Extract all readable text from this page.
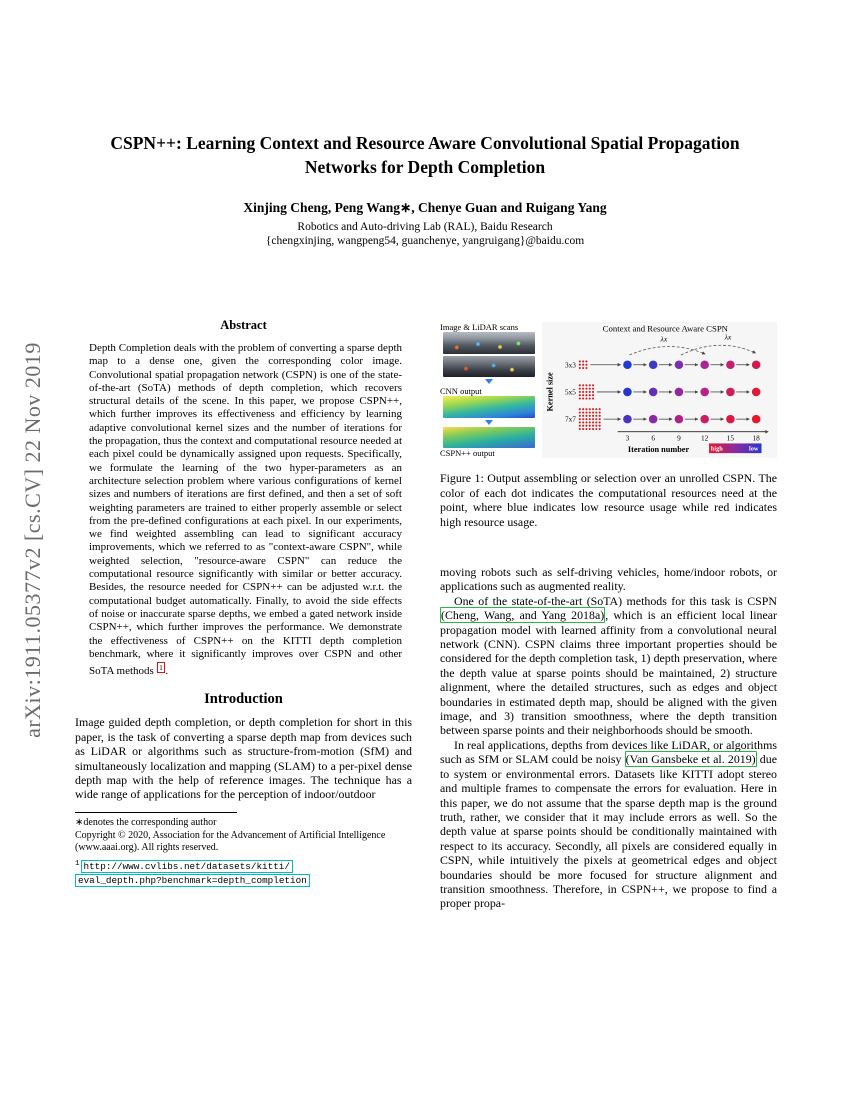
arXiv:1911.05377v2 [cs.CV] 22 Nov 2019
CSPN++: Learning Context and Resource Aware Convolutional Spatial Propagation Networks for Depth Completion
Xinjing Cheng, Peng Wang∗, Chenye Guan and Ruigang Yang
Robotics and Auto-driving Lab (RAL), Baidu Research
{chengxinjing, wangpeng54, guanchenye, yangruigang}@baidu.com
Abstract

Depth Completion deals with the problem of converting a sparse depth map to a dense one, given the corresponding color image. Convolutional spatial propagation network (CSPN) is one of the state-of-the-art (SoTA) methods of depth completion, which recovers structural details of the scene. In this paper, we propose CSPN++, which further improves its effectiveness and efficiency by learning adaptive convolutional kernel sizes and the number of iterations for the propagation, thus the context and computational resource needed at each pixel could be dynamically assigned upon requests. Specifically, we formulate the learning of the two hyper-parameters as an architecture selection problem where various configurations of kernel sizes and numbers of iterations are first defined, and then a set of soft weighting parameters are trained to either properly assemble or select from the pre-defined configurations at each pixel. In our experiments, we find weighted assembling can lead to significant accuracy improvements, which we referred to as "context-aware CSPN", while weighted selection, "resource-aware CSPN" can reduce the computational resource significantly with similar or better accuracy. Besides, the resource needed for CSPN++ can be adjusted w.r.t. the computational budget automatically. Finally, to avoid the side effects of noise or inaccurate sparse depths, we embed a gated network inside CSPN++, which further improves the performance. We demonstrate the effectiveness of CSPN++ on the KITTI depth completion benchmark, where it significantly improves over CSPN and other SoTA methods $^1$ .

Introduction

Image guided depth completion, or depth completion for short in this paper, is the task of converting a sparse depth map from devices such as LiDAR or algorithms such as structure-from-motion (SfM) and simultaneously localization and mapping (SLAM) to a per-pixel dense depth map with the help of reference images. The technique has a wide range of applications for the perception of indoor/outdoor

∗denotes the corresponding author
Copyright © 2020, Association for the Advancement of Artificial Intelligence (www.aaai.org). All rights reserved.
$^1$ http://www.cvlibs.net/datasets/kitti/
eval_depth.php?benchmark=depth_completion
Image & LiDAR scans
CNN output
CSPN++ output
Context and Resource Aware CSPN
λx	λx
Kernel size
3x3
5x5
7x7
3	6	9	12 15 18
Iteration number	high	low
Figure 1: Output assembling or selection over an unrolled CSPN. The color of each dot indicates the computational resources need at the point, where blue indicates low resource usage while red indicates high resource usage.

moving robots such as self-driving vehicles, home/indoor robots, or applications such as augmented reality.

One of the state-of-the-art (SoTA) methods for this task is CSPN (Cheng, Wang, and Yang 2018a), which is an efficient local linear propagation model with learned affinity from a convolutional neural network (CNN). CSPN claims three important properties should be considered for the depth completion task, 1) depth preservation, where the depth value at sparse points should be maintained, 2) structure alignment, where the detailed structures, such as edges and object boundaries in estimated depth map, should be aligned with the given image, and 3) transition smoothness, where the depth transition between sparse points and their neighborhoods should be smooth.

In real applications, depths from devices like LiDAR, or algorithms such as SfM or SLAM could be noisy (Van Gansbeke et al. 2019) due to system or environmental errors. Datasets like KITTI adopt stereo and multiple frames to compensate the errors for evaluation. Here in this paper, we do not assume that the sparse depth map is the ground truth, rather, we consider that it may include errors as well. So the depth value at sparse points should be conditionally maintained with respect to its accuracy. Secondly, all pixels are considered equally in CSPN, while intuitively the pixels at geometrical edges and object boundaries should be more focused for structure alignment and transition smoothness. Therefore, in CSPN++, we propose to find a proper propa-
